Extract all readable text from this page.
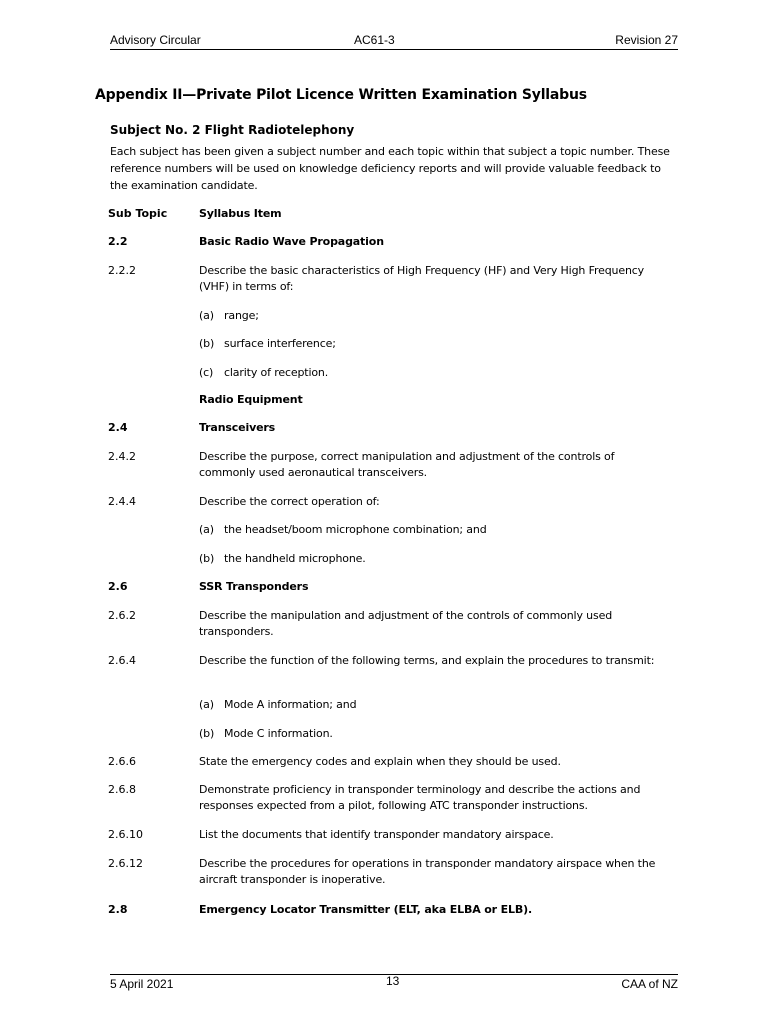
Advisory Circular	AC61-3	Revision 27
Appendix II—Private Pilot Licence Written Examination Syllabus
Subject No. 2 Flight Radiotelephony
Each subject has been given a subject number and each topic within that subject a topic number. These reference numbers will be used on knowledge deficiency reports and will provide valuable feedback to the examination candidate.
Sub Topic	Syllabus Item
2.2	Basic Radio Wave Propagation
2.2.2	Describe the basic characteristics of High Frequency (HF) and Very High Frequency (VHF) in terms of:
(a) range;
(b) surface interference;
(c) clarity of reception.
Radio Equipment
2.4	Transceivers
2.4.2	Describe the purpose, correct manipulation and adjustment of the controls of commonly used aeronautical transceivers.
2.4.4	Describe the correct operation of:
(a) the headset/boom microphone combination; and
(b) the handheld microphone.
2.6	SSR Transponders
2.6.2	Describe the manipulation and adjustment of the controls of commonly used transponders.
2.6.4	Describe the function of the following terms, and explain the procedures to transmit:
(a) Mode A information; and
(b) Mode C information.
2.6.6	State the emergency codes and explain when they should be used.
2.6.8	Demonstrate proficiency in transponder terminology and describe the actions and responses expected from a pilot, following ATC transponder instructions.
2.6.10	List the documents that identify transponder mandatory airspace.
2.6.12	Describe the procedures for operations in transponder mandatory airspace when the aircraft transponder is inoperative.
2.8	Emergency Locator Transmitter (ELT, aka ELBA or ELB).
5 April 2021	CAA of NZ
13
